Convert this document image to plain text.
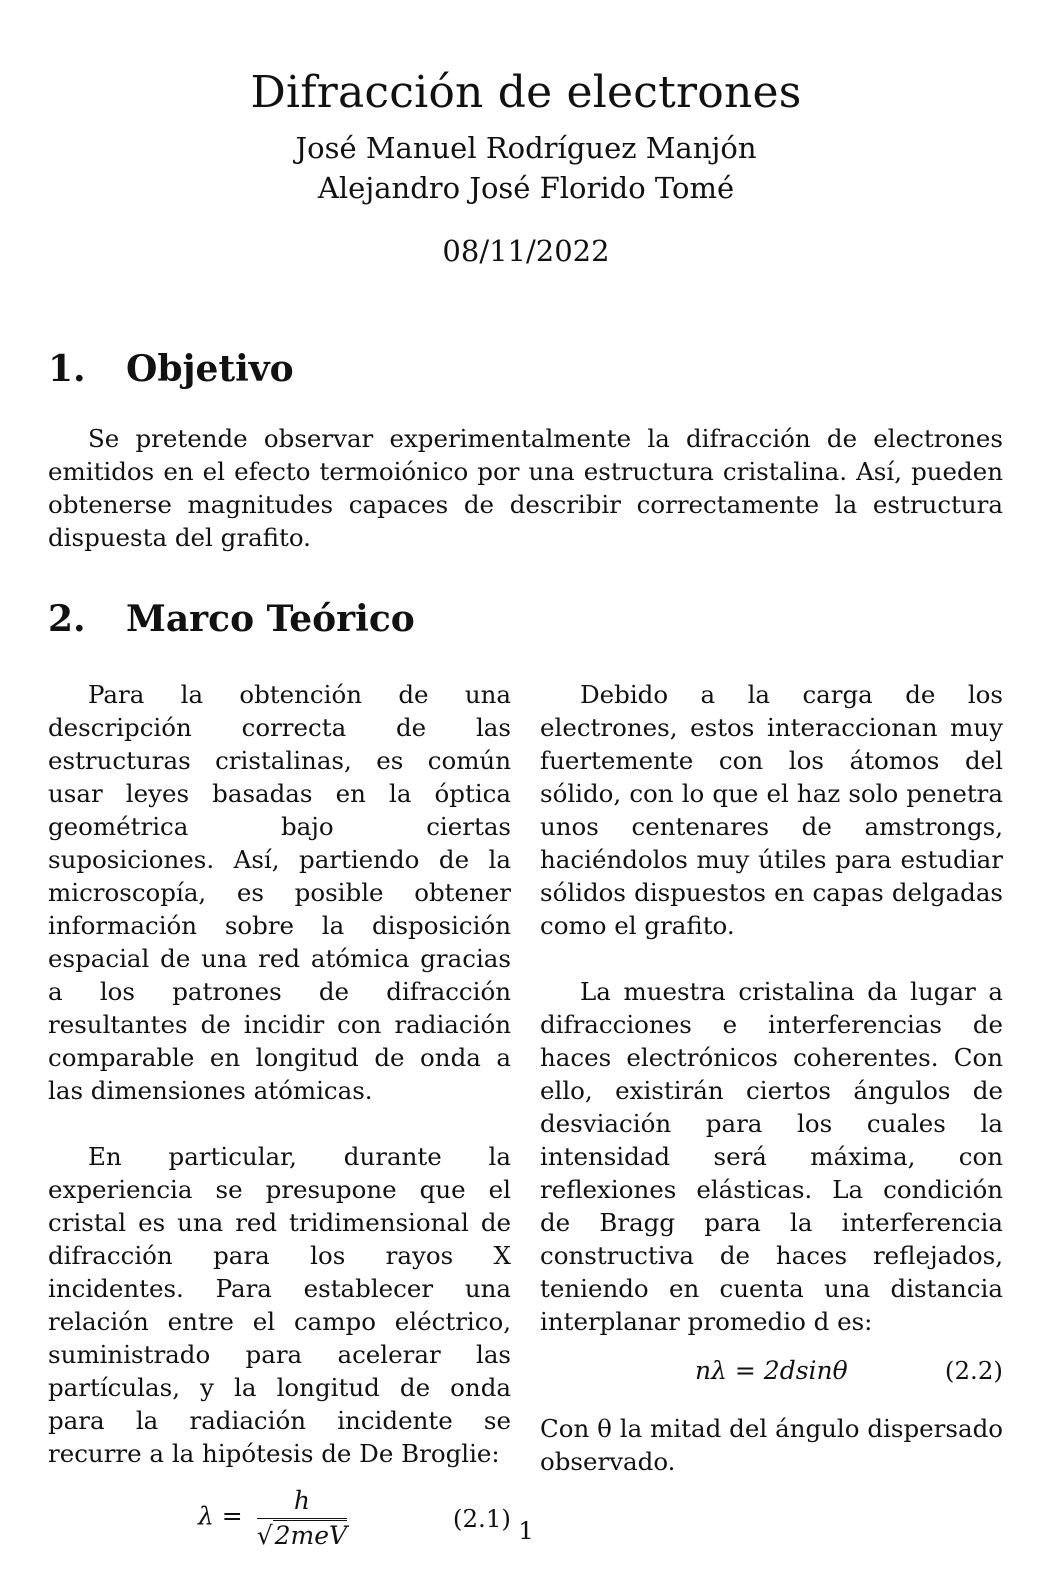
Difracción de electrones
José Manuel Rodríguez Manjón
Alejandro José Florido Tomé
08/11/2022
1. Objetivo

Se pretende observar experimentalmente la difracción de electrones emitidos en el efecto termoiónico por una estructura cristalina. Así, pueden obtenerse magnitudes capaces de describir correctamente la estructura dispuesta del grafito.

2. Marco Teórico

Para la obtención de una descripción correcta de las estructuras cristalinas, es común usar leyes basadas en la óptica geométrica bajo ciertas suposiciones. Así, partiendo de la microscopía, es posible obtener información sobre la disposición espacial de una red atómica gracias a los patrones de difracción resultantes de incidir con radiación comparable en longitud de onda a las dimensiones atómicas.

En particular, durante la experiencia se presupone que el cristal es una red tridimensional de difracción para los rayos X incidentes. Para establecer una relación entre el campo eléctrico, suministrado para acelerar las partículas, y la longitud de onda para la radiación incidente se recurre a la hipótesis de De Broglie:

$\lambda = \frac{h}{\text{√2meV}}$	(2.1)

Debido a la carga de los electrones, estos interaccionan muy fuertemente con los átomos del sólido, con lo que el haz solo penetra unos centenares de amstrongs, haciéndolos muy útiles para estudiar sólidos dispuestos en capas delgadas como el grafito.

La muestra cristalina da lugar a difracciones e interferencias de haces electrónicos coherentes. Con ello, existirán ciertos ángulos de desviación para los cuales la intensidad será máxima, con reflexiones elásticas. La condición de Bragg para la interferencia constructiva de haces reflejados, teniendo en cuenta una distancia interplanar promedio d es:

nλ = 2dsinθ	(2.2)

Con θ la mitad del ángulo dispersado observado.

1
